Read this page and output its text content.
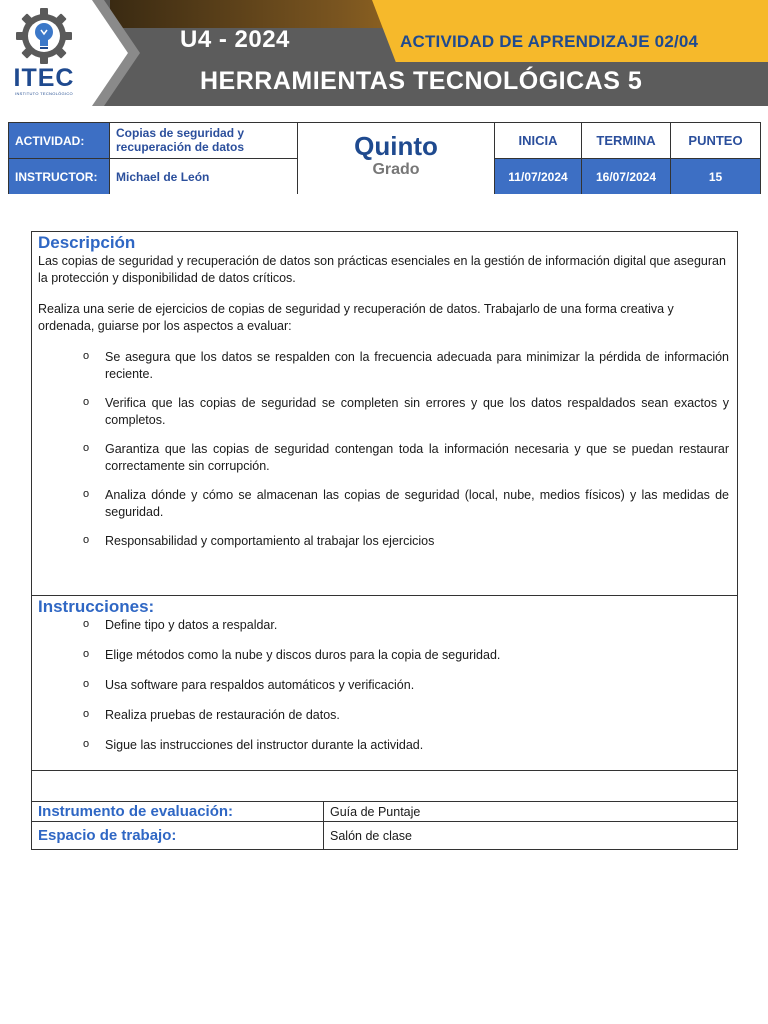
ITEC
INSTITUTO TECNOLÓGICO
U4 - 2024	ACTIVIDAD DE APRENDIZAJE 02/04
HERRAMIENTAS TECNOLÓGICAS 5
ACTIVIDAD:
Copias de seguridad y recuperación de datos
INSTRUCTOR:	Michael de León
Quinto
Grado
INICIA	TERMINA	PUNTEO
11/07/2024	16/07/2024	15
Descripción

Las copias de seguridad y recuperación de datos son prácticas esenciales en la gestión de información digital que aseguran la protección y disponibilidad de datos críticos.

Realiza una serie de ejercicios de copias de seguridad y recuperación de datos. Trabajarlo de una forma creativa y ordenada, guiarse por los aspectos a evaluar:

o Se asegura que los datos se respalden con la frecuencia adecuada para minimizar la pérdida de información reciente.
o Verifica que las copias de seguridad se completen sin errores y que los datos respaldados sean exactos y completos.
o Garantiza que las copias de seguridad contengan toda la información necesaria y que se puedan restaurar correctamente sin corrupción.
o Analiza dónde y cómo se almacenan las copias de seguridad (local, nube, medios físicos) y las medidas de seguridad.
o Responsabilidad y comportamiento al trabajar los ejercicios
Instrucciones:
o Define tipo y datos a respaldar.
o Elige métodos como la nube y discos duros para la copia de seguridad.
o Usa software para respaldos automáticos y verificación.
o Realiza pruebas de restauración de datos.
o Sigue las instrucciones del instructor durante la actividad.
Instrumento de evaluación:	Guía de Puntaje
Espacio de trabajo:	Salón de clase
